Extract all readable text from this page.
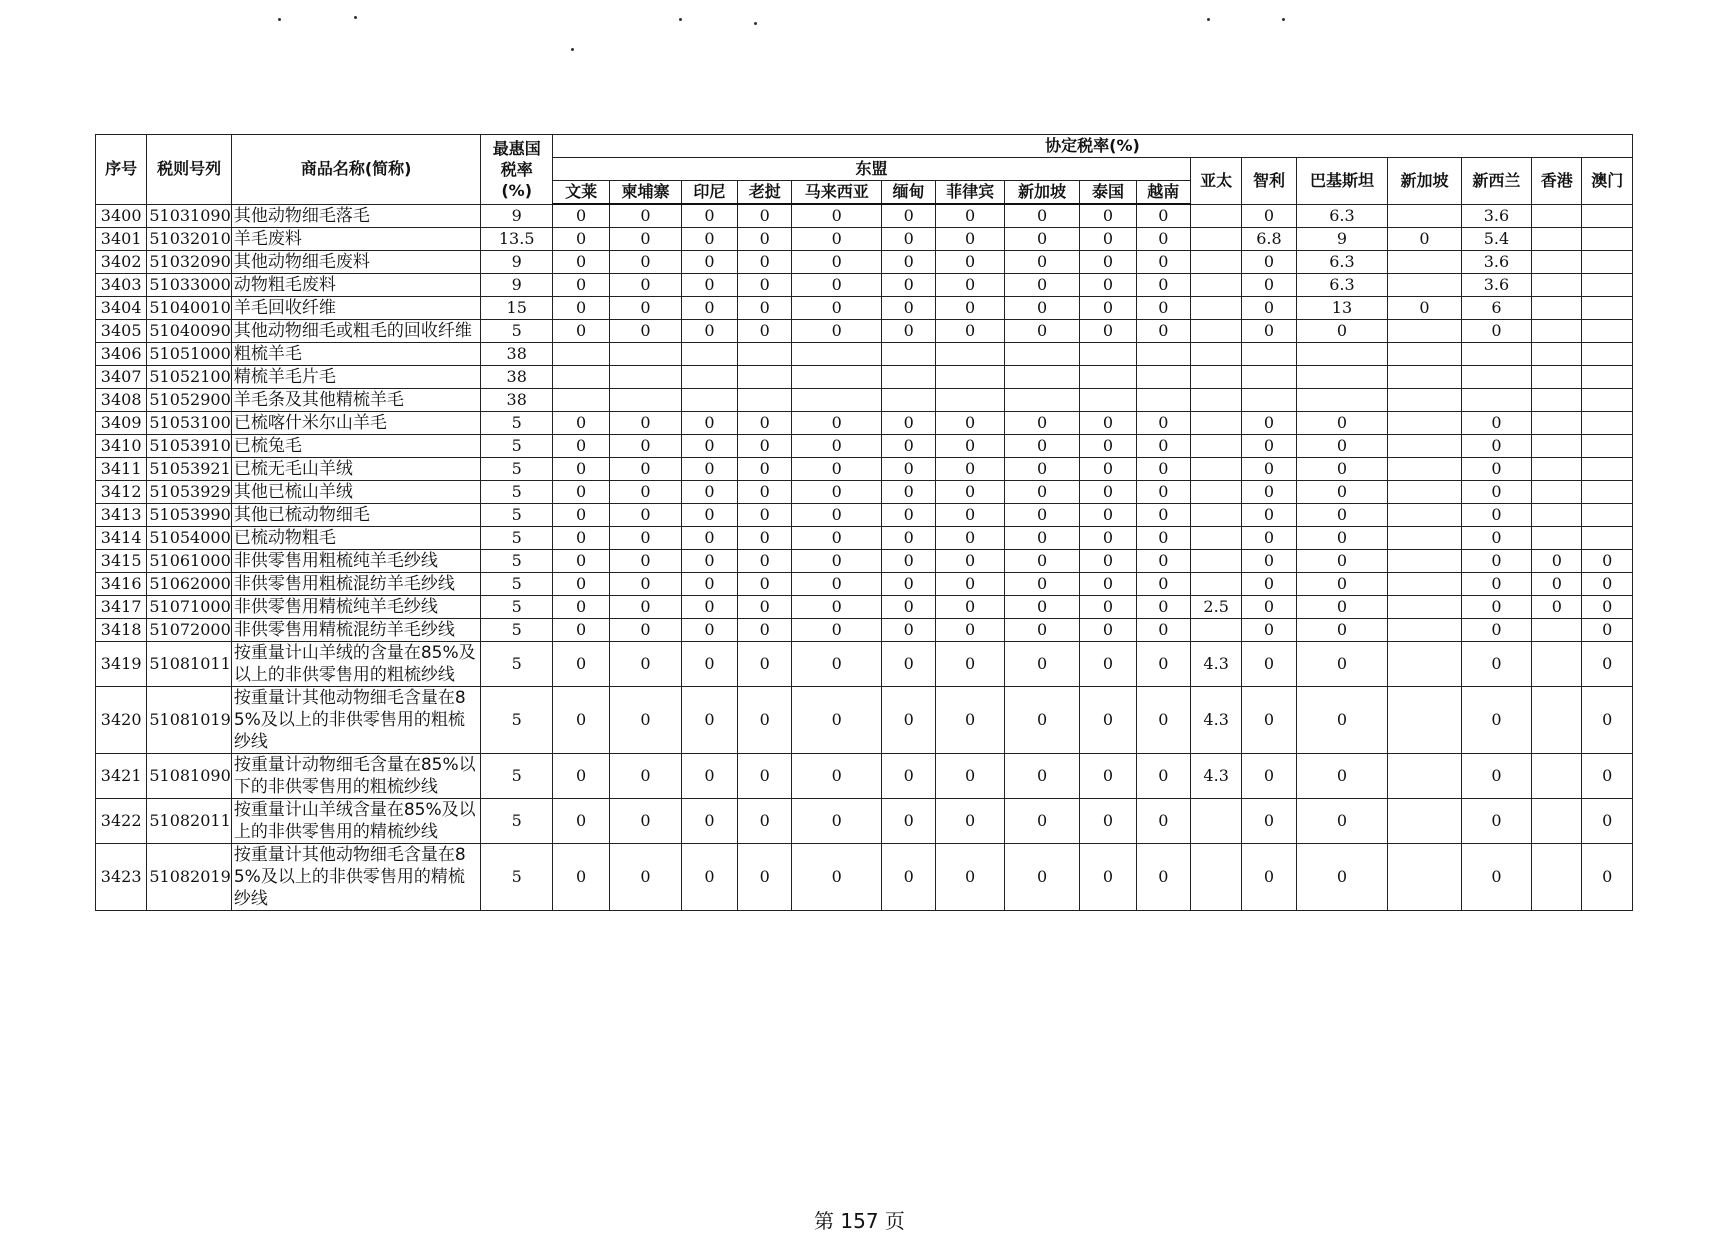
序号	税则号列	商品名称(简称)	最惠国
税率
(%)	协定税率(%)																
				东盟										亚太	智利	巴基斯坦	新加坡	新西兰	香港	澳门
				文莱	柬埔寨	印尼	老挝	马来西亚	缅甸	菲律宾	新加坡	泰国	越南							
3400	51031090	其他动物细毛落毛	9	0	0	0	0	0	0	0	0	0	0		0	6.3		3.6		
3401	51032010	羊毛废料	13.5	0	0	0	0	0	0	0	0	0	0		6.8	9	0	5.4		
3402	51032090	其他动物细毛废料	9	0	0	0	0	0	0	0	0	0	0		0	6.3		3.6		
3403	51033000	动物粗毛废料	9	0	0	0	0	0	0	0	0	0	0		0	6.3		3.6		
3404	51040010	羊毛回收纤维	15	0	0	0	0	0	0	0	0	0	0		0	13	0	6		
3405	51040090	其他动物细毛或粗毛的回收纤维	5	0	0	0	0	0	0	0	0	0	0		0	0		0		
3406	51051000	粗梳羊毛	38																	
3407	51052100	精梳羊毛片毛	38																	
3408	51052900	羊毛条及其他精梳羊毛	38																	
3409	51053100	已梳喀什米尔山羊毛	5	0	0	0	0	0	0	0	0	0	0		0	0		0		
3410	51053910	已梳兔毛	5	0	0	0	0	0	0	0	0	0	0		0	0		0		
3411	51053921	已梳无毛山羊绒	5	0	0	0	0	0	0	0	0	0	0		0	0		0		
3412	51053929	其他已梳山羊绒	5	0	0	0	0	0	0	0	0	0	0		0	0		0		
3413	51053990	其他已梳动物细毛	5	0	0	0	0	0	0	0	0	0	0		0	0		0		
3414	51054000	已梳动物粗毛	5	0	0	0	0	0	0	0	0	0	0		0	0		0		
3415	51061000	非供零售用粗梳纯羊毛纱线	5	0	0	0	0	0	0	0	0	0	0		0	0		0	0	0
3416	51062000	非供零售用粗梳混纺羊毛纱线	5	0	0	0	0	0	0	0	0	0	0		0	0		0	0	0
3417	51071000	非供零售用精梳纯羊毛纱线	5	0	0	0	0	0	0	0	0	0	0	2.5	0	0		0	0	0
3418	51072000	非供零售用精梳混纺羊毛纱线	5	0	0	0	0	0	0	0	0	0	0		0	0		0		0
3419	51081011	按重量计山羊绒的含量在85%及以上的非供零售用的粗梳纱线	5	0	0	0	0	0	0	0	0	0	0	4.3	0	0		0		0
3420	51081019	按重量计其他动物细毛含量在85%及以上的非供零售用的粗梳纱线	5	0	0	0	0	0	0	0	0	0	0	4.3	0	0		0		0
3421	51081090	按重量计动物细毛含量在85%以下的非供零售用的粗梳纱线	5	0	0	0	0	0	0	0	0	0	0	4.3	0	0		0		0
3422	51082011	按重量计山羊绒含量在85%及以上的非供零售用的精梳纱线	5	0	0	0	0	0	0	0	0	0	0		0	0		0		0
3423	51082019	按重量计其他动物细毛含量在85%及以上的非供零售用的精梳纱线	5	0	0	0	0	0	0	0	0	0	0		0	0		0		0
第 157 页
